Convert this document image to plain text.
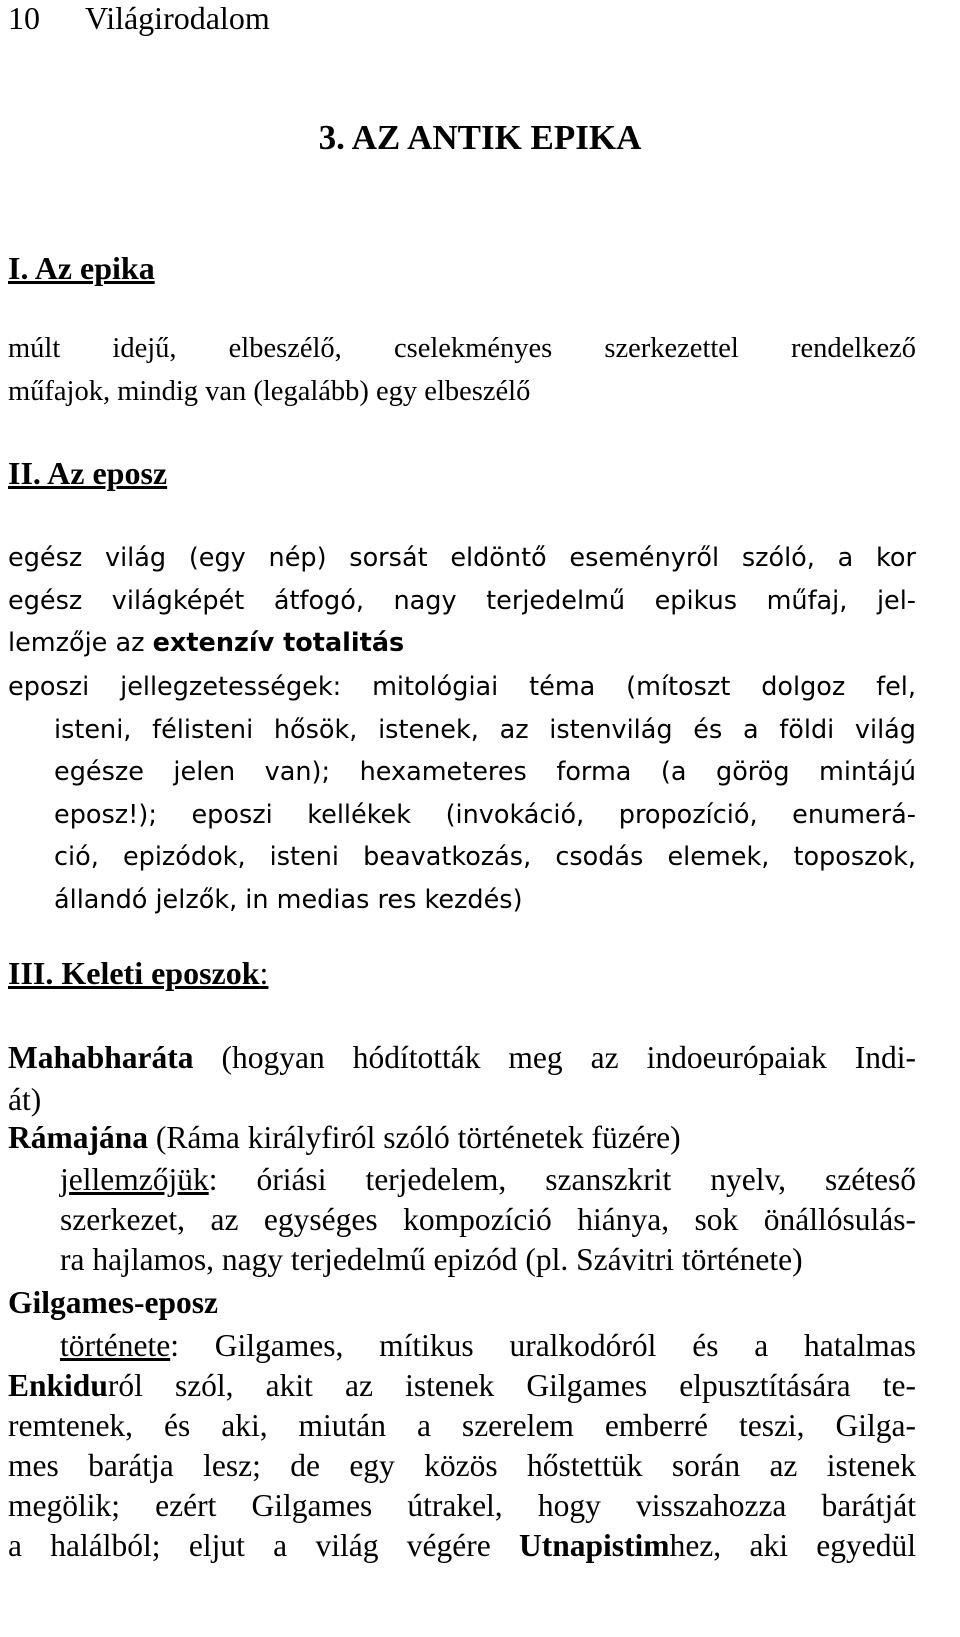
10 Világirodalom
3. AZ ANTIK EPIKA
I. Az epika
múlt idejű, elbeszélő, cselekményes szerkezettel rendelkező
műfajok, mindig van (legalább) egy elbeszélő
II. Az eposz
egész világ (egy nép) sorsát eldöntő eseményről szóló, a kor
egész világképét átfogó, nagy terjedelmű epikus műfaj, jel-
lemzője az extenzív totalitás
eposzi jellegzetességek: mitológiai téma (mítoszt dolgoz fel,
isteni, félisteni hősök, istenek, az istenvilág és a földi világ
egésze jelen van); hexameteres forma (a görög mintájú
eposz!); eposzi kellékek (invokáció, propozíció, enumerá-
ció, epizódok, isteni beavatkozás, csodás elemek, toposzok,
állandó jelzők, in medias res kezdés)
III. Keleti eposzok:
Mahabharáta (hogyan hódították meg az indoeurópaiak Indi-
át)
Rámajána (Ráma királyfiról szóló történetek füzére)
jellemzőjük: óriási terjedelem, szanszkrit nyelv, széteső
szerkezet, az egységes kompozíció hiánya, sok önállósulás-
ra hajlamos, nagy terjedelmű epizód (pl. Szávitri története)
Gilgames-eposz
története: Gilgames, mítikus uralkodóról és a hatalmas
Enkiduról szól, akit az istenek Gilgames elpusztítására te-
remtenek, és aki, miután a szerelem emberré teszi, Gilga-
mes barátja lesz; de egy közös hőstettük során az istenek
megölik; ezért Gilgames útrakel, hogy visszahozza barátját
a halálból; eljut a világ végére Utnapistimhez, aki egyedül
